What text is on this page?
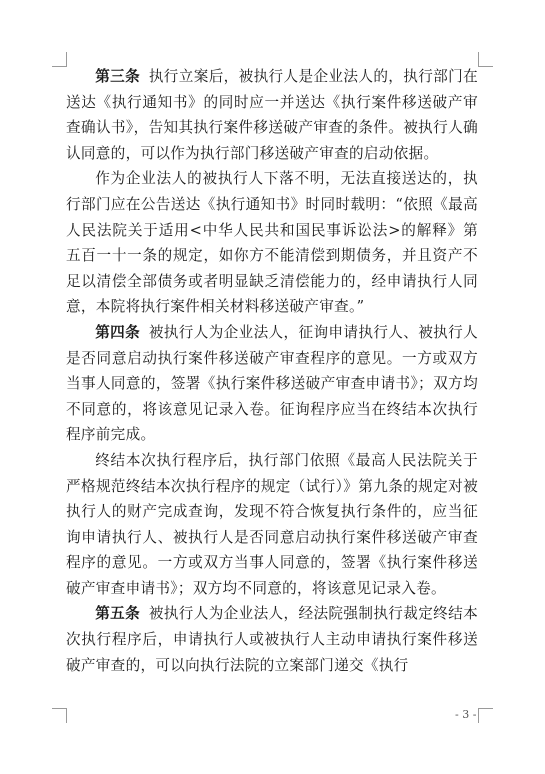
第三条 执行立案后，被执行人是企业法人的，执行部门在送达《执行通知书》的同时应一并送达《执行案件移送破产审查确认书》，告知其执行案件移送破产审查的条件。被执行人确认同意的，可以作为执行部门移送破产审查的启动依据。

作为企业法人的被执行人下落不明，无法直接送达的，执行部门应在公告送达《执行通知书》时同时载明：“依照《最高人民法院关于适用<中华人民共和国民事诉讼法>的解释》第五百一十一条的规定，如你方不能清偿到期债务，并且资产不足以清偿全部债务或者明显缺乏清偿能力的，经申请执行人同意，本院将执行案件相关材料移送破产审查。”

第四条 被执行人为企业法人，征询申请执行人、被执行人是否同意启动执行案件移送破产审查程序的意见。一方或双方当事人同意的，签署《执行案件移送破产审查申请书》；双方均不同意的，将该意见记录入卷。征询程序应当在终结本次执行程序前完成。

终结本次执行程序后，执行部门依照《最高人民法院关于严格规范终结本次执行程序的规定（试行）》第九条的规定对被执行人的财产完成查询，发现不符合恢复执行条件的，应当征询申请执行人、被执行人是否同意启动执行案件移送破产审查程序的意见。一方或双方当事人同意的，签署《执行案件移送破产审查申请书》；双方均不同意的，将该意见记录入卷。

第五条 被执行人为企业法人，经法院强制执行裁定终结本次执行程序后，申请执行人或被执行人主动申请执行案件移送破产审查的，可以向执行法院的立案部门递交《执行

- 3 -
